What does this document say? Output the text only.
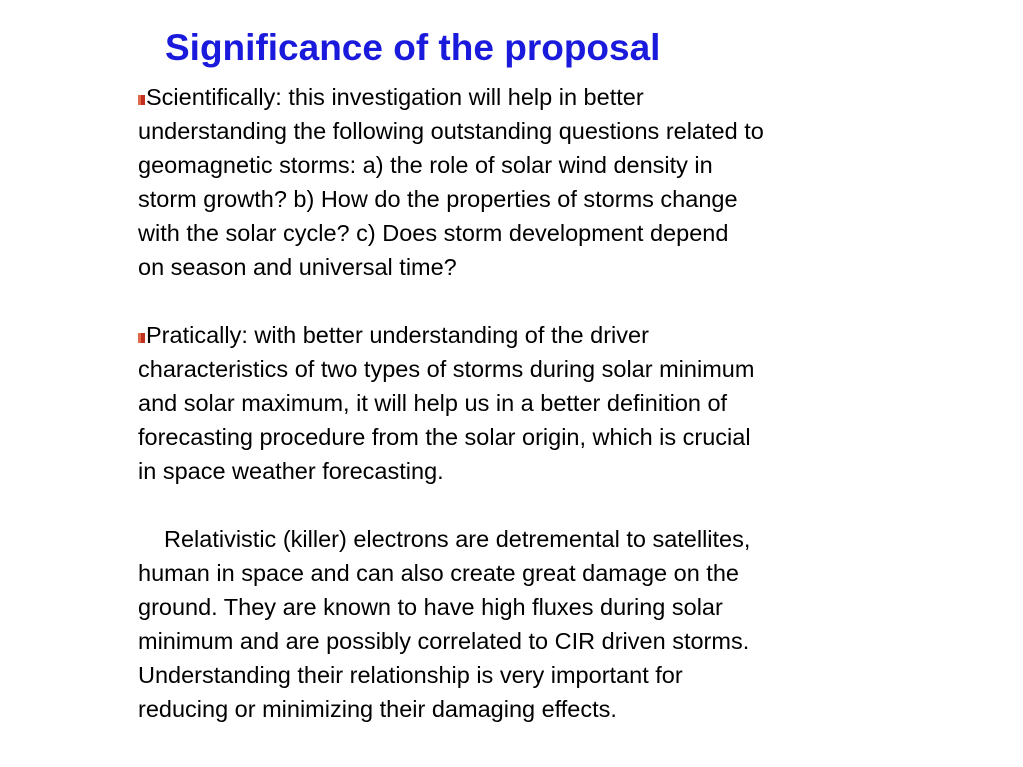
Significance of the proposal

Scientifically: this investigation will help in better
understanding the following outstanding questions related to
geomagnetic storms: a) the role of solar wind density in
storm growth? b) How do the properties of storms change
with the solar cycle? c) Does storm development depend
on season and universal time?

Pratically: with better understanding of the driver
characteristics of two types of storms during solar minimum
and solar maximum, it will help us in a better definition of
forecasting procedure from the solar origin, which is crucial
in space weather forecasting.

Relativistic (killer) electrons are detremental to satellites,
human in space and can also create great damage on the
ground. They are known to have high fluxes during solar
minimum and are possibly correlated to CIR driven storms.
Understanding their relationship is very important for
reducing or minimizing their damaging effects.
